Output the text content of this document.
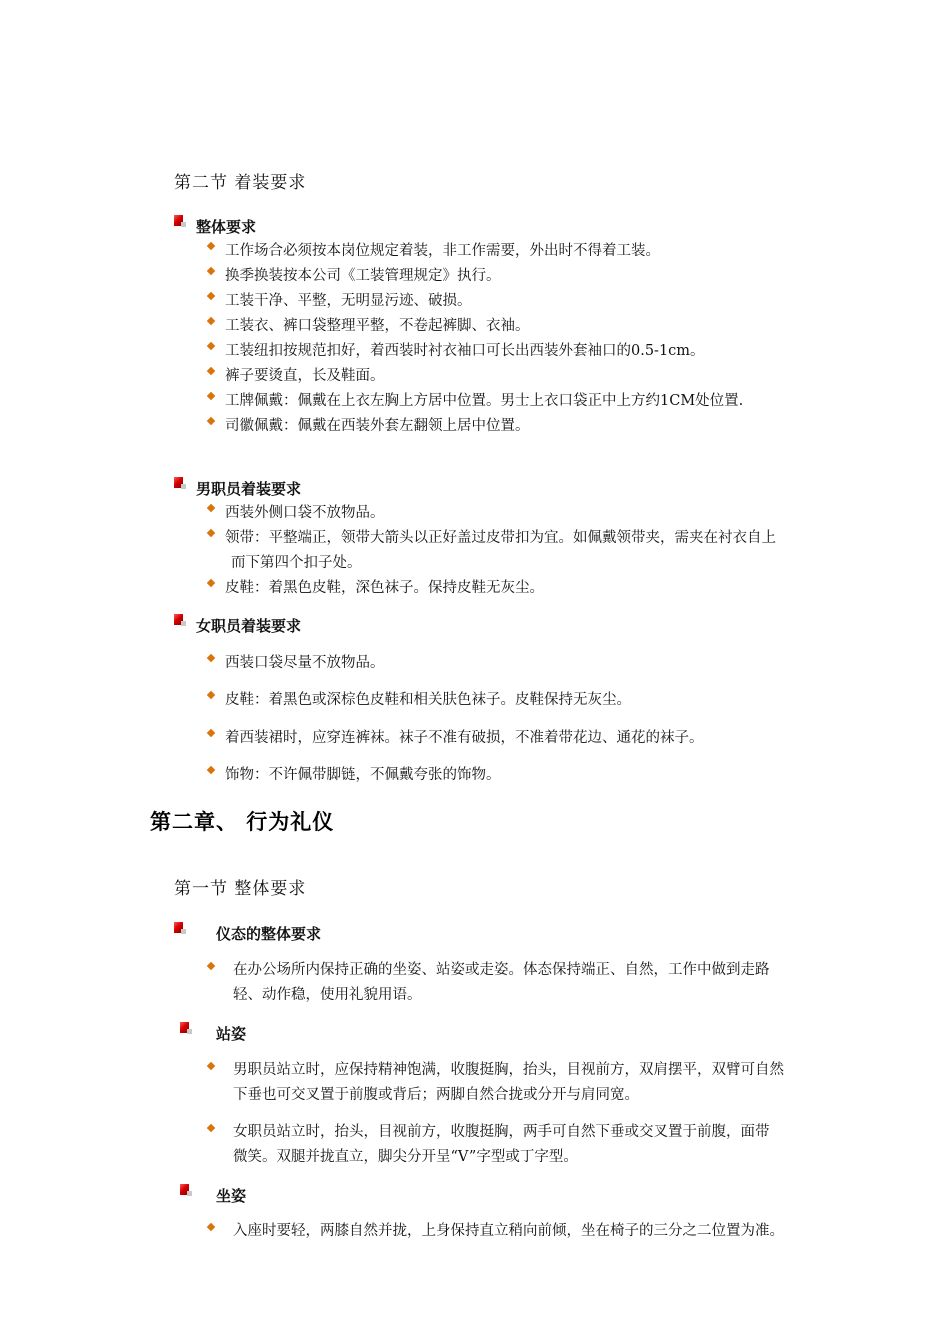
第二节 着装要求
整体要求
工作场合必须按本岗位规定着装，非工作需要，外出时不得着工装。
换季换装按本公司《工装管理规定》执行。
工装干净、平整，无明显污迹、破损。
工装衣、裤口袋整理平整，不卷起裤脚、衣袖。
工装纽扣按规范扣好，着西装时衬衣袖口可长出西装外套袖口的0.5-1cm。
裤子要烫直，长及鞋面。
工牌佩戴：佩戴在上衣左胸上方居中位置。男士上衣口袋正中上方约1CM处位置.
司徽佩戴：佩戴在西装外套左翻领上居中位置。
男职员着装要求
西装外侧口袋不放物品。
领带：平整端正，领带大箭头以正好盖过皮带扣为宜。如佩戴领带夹，需夹在衬衣自上
而下第四个扣子处。
皮鞋：着黑色皮鞋，深色袜子。保持皮鞋无灰尘。
女职员着装要求
西装口袋尽量不放物品。
皮鞋：着黑色或深棕色皮鞋和相关肤色袜子。皮鞋保持无灰尘。
着西装裙时，应穿连裤袜。袜子不准有破损，不准着带花边、通花的袜子。
饰物：不许佩带脚链，不佩戴夸张的饰物。
第二章、 行为礼仪
第一节 整体要求
仪态的整体要求
在办公场所内保持正确的坐姿、站姿或走姿。体态保持端正、自然，工作中做到走路
轻、动作稳，使用礼貌用语。
站姿
男职员站立时，应保持精神饱满，收腹挺胸，抬头，目视前方，双肩摆平，双臂可自然
下垂也可交叉置于前腹或背后；两脚自然合拢或分开与肩同宽。
女职员站立时，抬头，目视前方，收腹挺胸，两手可自然下垂或交叉置于前腹，面带
微笑。双腿并拢直立，脚尖分开呈“V”字型或丁字型。
坐姿
入座时要轻，两膝自然并拢，上身保持直立稍向前倾，坐在椅子的三分之二位置为准。
